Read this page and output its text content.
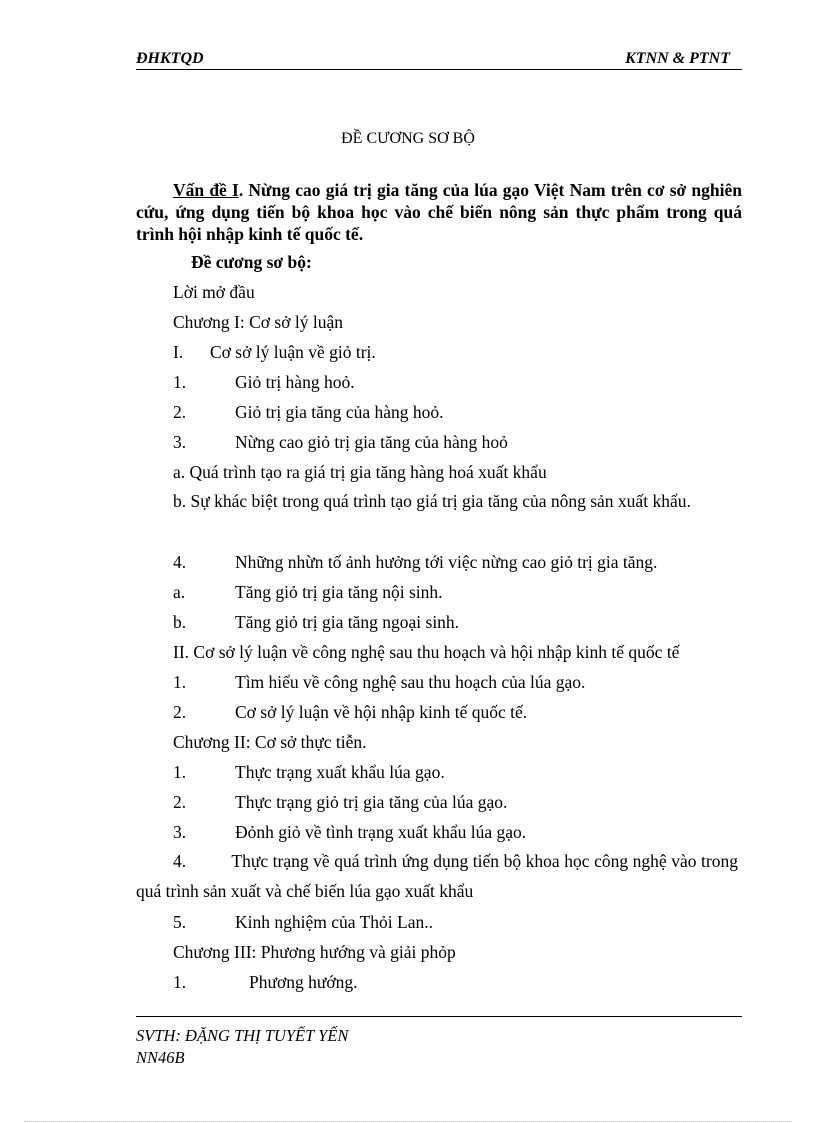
ĐHKTQD	KTNN & PTNT
ĐỀ CƯƠNG SƠ BỘ
Vấn đề I. Nừng cao giá trị gia tăng của lúa gạo Việt Nam trên cơ sở nghiên cứu, ứng dụng tiến bộ khoa học vào chế biến nông sản thực phẩm trong quá trình hội nhập kinh tế quốc tế.
Đề cương sơ bộ:
Lời mở đầu
Chương I: Cơ sở lý luận
I. Cơ sở lý luận về giỏ trị.
1.	Giỏ trị hàng hoỏ.
2.	Giỏ trị gia tăng của hàng hoỏ.
3.	Nừng cao giỏ trị gia tăng của hàng hoỏ
a. Quá trình tạo ra giá trị gia tăng hàng hoá xuất khẩu
b. Sự khác biệt trong quá trình tạo giá trị gia tăng của nông sản xuất khẩu.
4.	Những nhừn tố ảnh hưởng tới việc nừng cao giỏ trị gia tăng.
a.	Tăng giỏ trị gia tăng nội sinh.
b.	Tăng giỏ trị gia tăng ngoại sinh.
II. Cơ sở lý luận về công nghệ sau thu hoạch và hội nhập kinh tế quốc tế
1.	Tìm hiểu về công nghệ sau thu hoạch của lúa gạo.
2.	Cơ sở lý luận về hội nhập kinh tế quốc tế.
Chương II: Cơ sở thực tiễn.
1.	Thực trạng xuất khẩu lúa gạo.
2.	Thực trạng giỏ trị gia tăng của lúa gạo.
3.	Đỏnh giỏ về tình trạng xuất khẩu lúa gạo.
4.          Thực trạng về quá trình ứng dụng tiến bộ khoa học công nghệ vào trong quá trình sản xuất và chế biến lúa gạo xuất khẩu
5.	Kinh nghiệm của Thỏi Lan..
Chương III: Phương hướng và giải phỏp
1.	Phương hướng.
SVTH: ĐẶNG THỊ TUYẾT YẾN
NN46B
